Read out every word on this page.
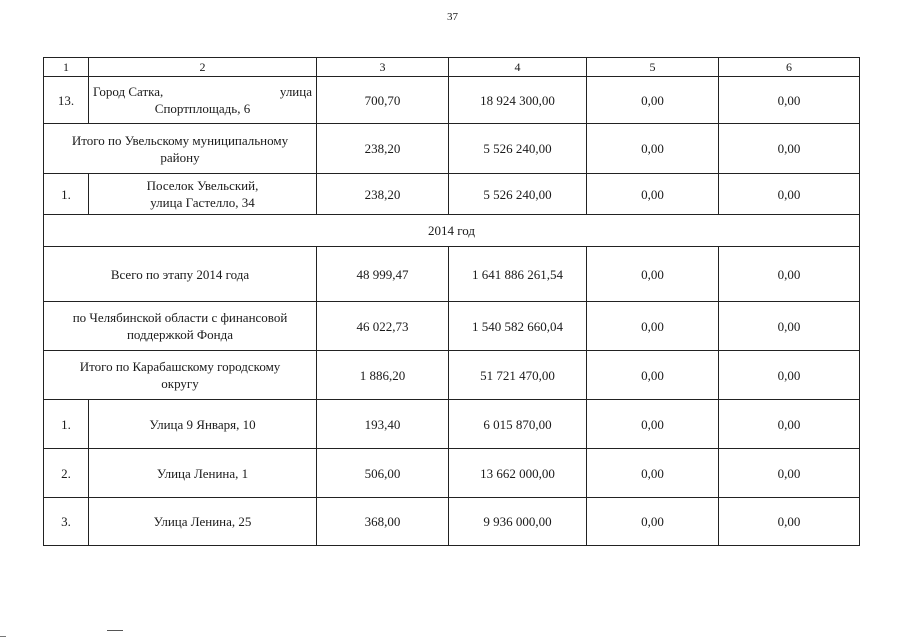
37
1	2	3	4	5	6
13.	Город Сатка, улица
Спортплощадь, 6	700,70	18 924 300,00	0,00	0,00

Итого по Увельскому муниципальному
району		238,20	5 526 240,00	0,00	0,00
1.	Поселок Увельский,
улица Гастелло, 34	238,20	5 526 240,00	0,00	0,00
2014 год					
Всего по этапу 2014 года		48 999,47	1 641 886 261,54	0,00	0,00

по Челябинской области с финансовой
поддержкой Фонда		46 022,73	1 540 582 660,04	0,00	0,00

Итого по Карабашскому городскому
округу		1 886,20	51 721 470,00	0,00	0,00
1.	Улица 9 Января, 10	193,40	6 015 870,00	0,00	0,00
2.	Улица Ленина, 1	506,00	13 662 000,00	0,00	0,00
3.	Улица Ленина, 25	368,00	9 936 000,00	0,00	0,00
